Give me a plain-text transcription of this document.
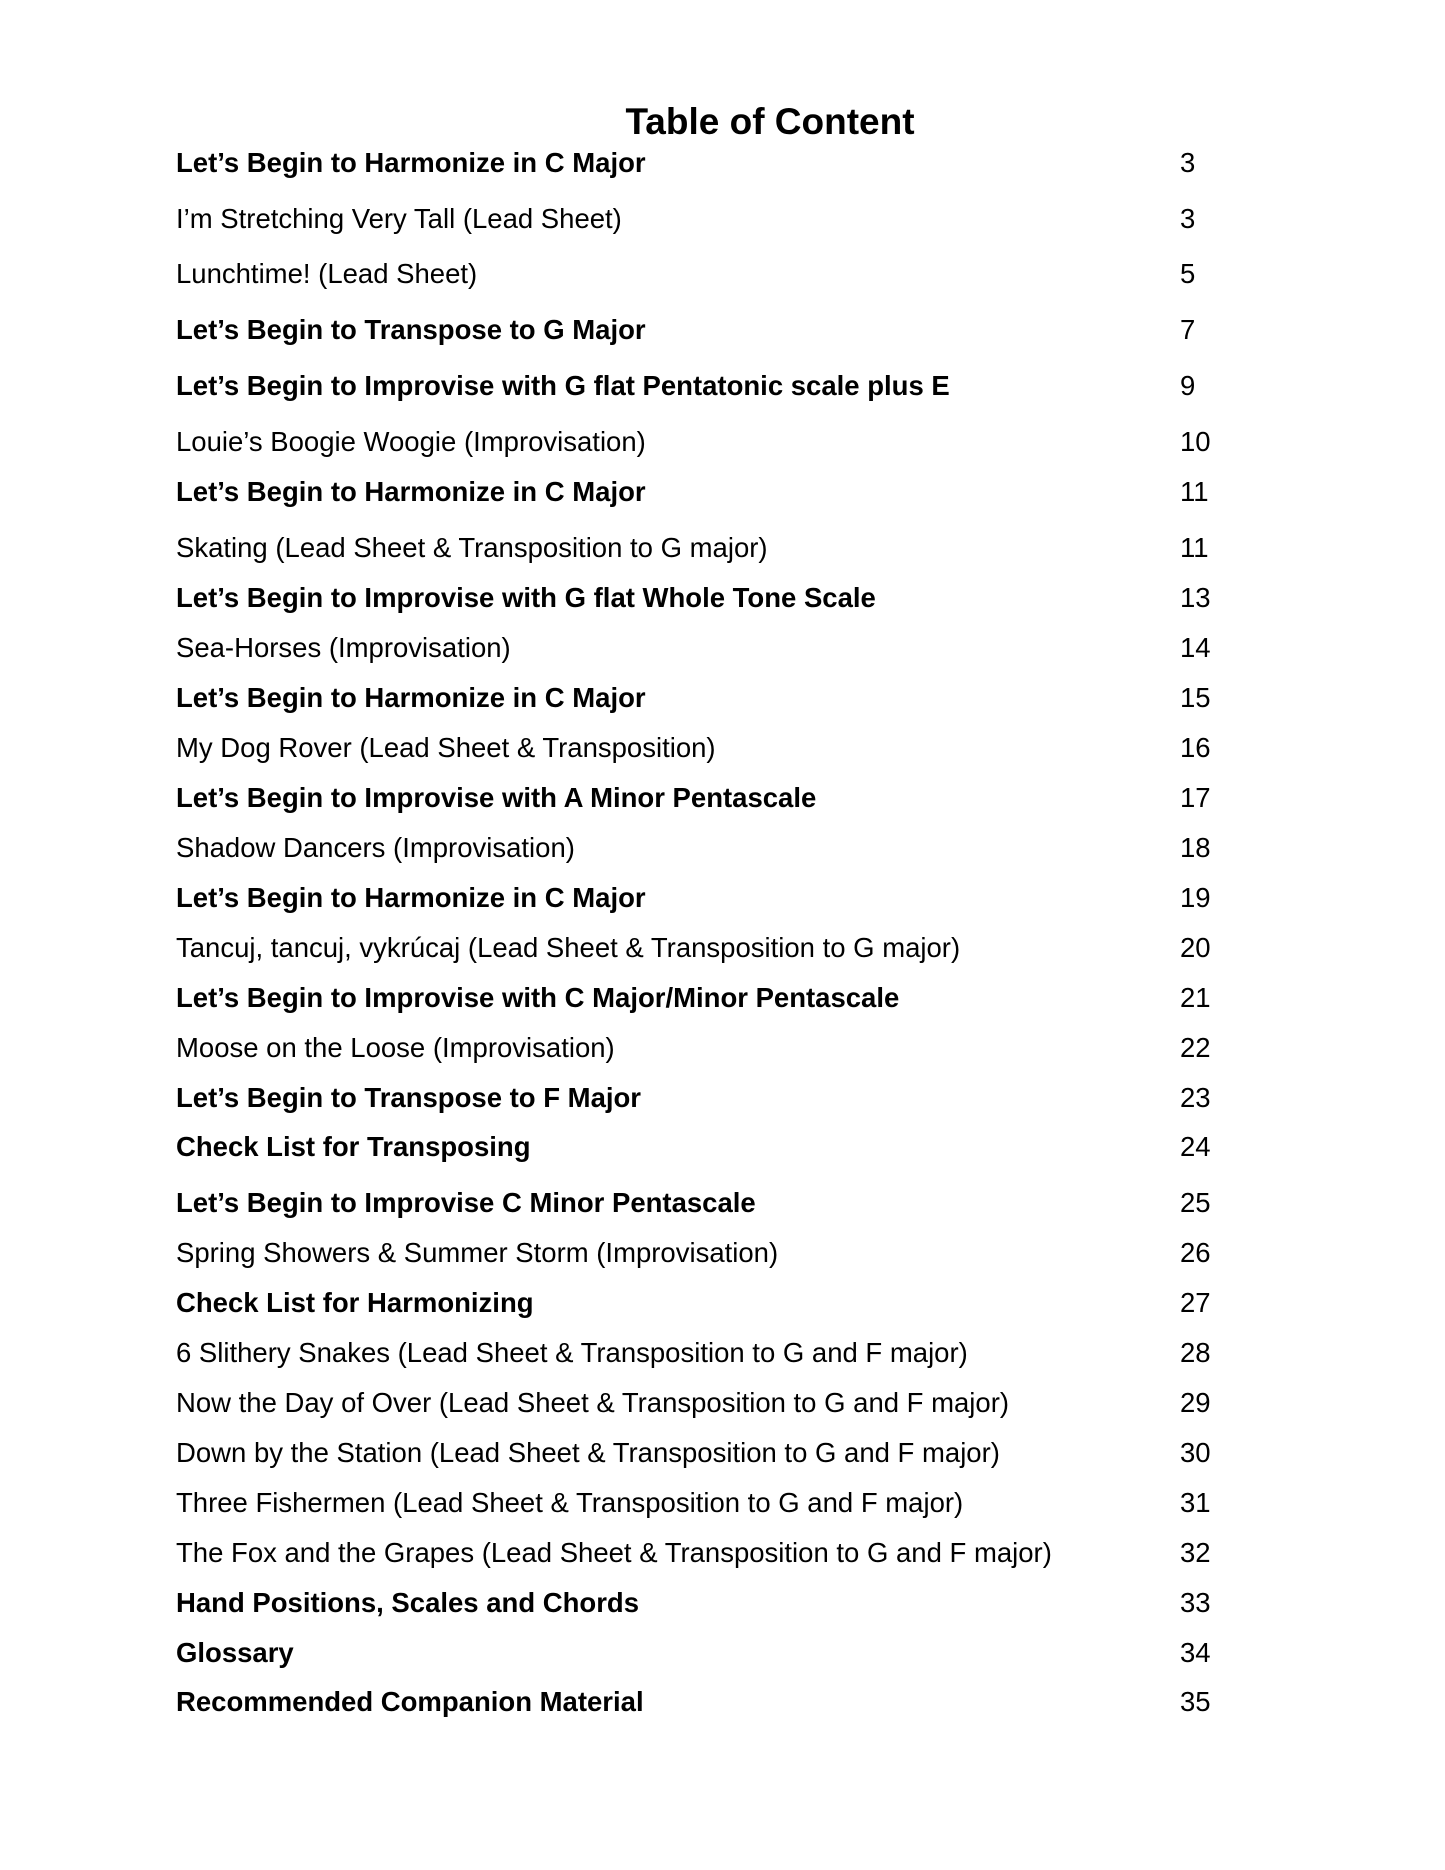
Table of Content
Let’s Begin to Harmonize in C Major	3
I’m Stretching Very Tall (Lead Sheet)	3
Lunchtime! (Lead Sheet)	5
Let’s Begin to Transpose to G Major	7
Let’s Begin to Improvise with G flat Pentatonic scale plus E	9
Louie’s Boogie Woogie (Improvisation)	10
Let’s Begin to Harmonize in C Major	11
Skating (Lead Sheet & Transposition to G major)	11
Let’s Begin to Improvise with G flat Whole Tone Scale	13
Sea-Horses (Improvisation)	14
Let’s Begin to Harmonize in C Major	15
My Dog Rover (Lead Sheet & Transposition)	16
Let’s Begin to Improvise with A Minor Pentascale	17
Shadow Dancers (Improvisation)	18
Let’s Begin to Harmonize in C Major	19
Tancuj, tancuj, vykrúcaj (Lead Sheet & Transposition to G major)	20
Let’s Begin to Improvise with C Major/Minor Pentascale	21
Moose on the Loose (Improvisation)	22
Let’s Begin to Transpose to F Major	23
Check List for Transposing	24
Let’s Begin to Improvise C Minor Pentascale	25
Spring Showers & Summer Storm (Improvisation)	26
Check List for Harmonizing	27
6 Slithery Snakes (Lead Sheet & Transposition to G and F major)	28
Now the Day of Over (Lead Sheet & Transposition to G and F major)	29
Down by the Station (Lead Sheet & Transposition to G and F major)	30
Three Fishermen (Lead Sheet & Transposition to G and F major)	31
The Fox and the Grapes (Lead Sheet & Transposition to G and F major)	32
Hand Positions, Scales and Chords	33
Glossary	34
Recommended Companion Material	35
